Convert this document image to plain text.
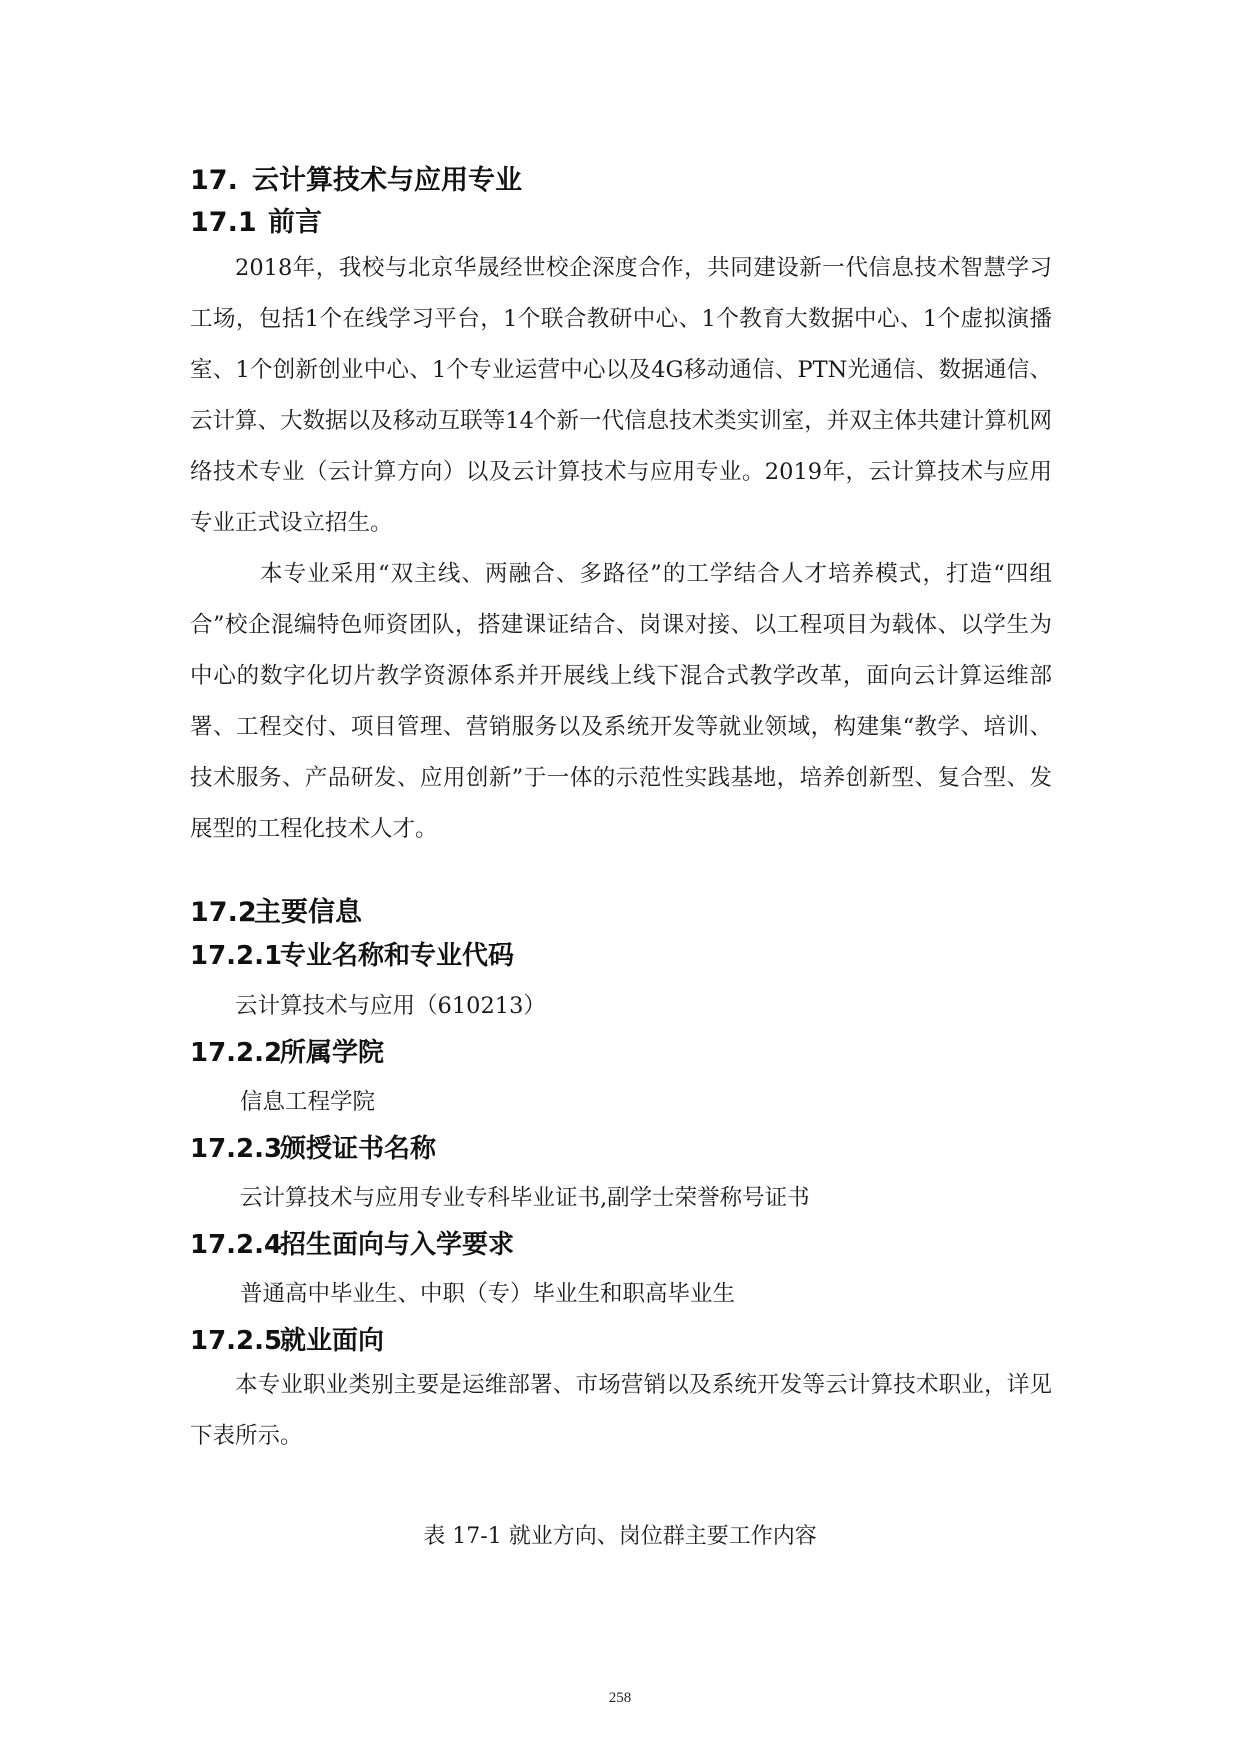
17. 云计算技术与应用专业
17.1 前言

2018年，我校与北京华晟经世校企深度合作，共同建设新一代信息技术智慧学习工场，包括1个在线学习平台，1个联合教研中心、1个教育大数据中心、1个虚拟演播室、1个创新创业中心、1个专业运营中心以及4G移动通信、PTN光通信、数据通信、云计算、大数据以及移动互联等14个新一代信息技术类实训室，并双主体共建计算机网络技术专业（云计算方向）以及云计算技术与应用专业。2019年，云计算技术与应用专业正式设立招生。

本专业采用“双主线、两融合、多路径”的工学结合人才培养模式，打造“四组合”校企混编特色师资团队，搭建课证结合、岗课对接、以工程项目为载体、以学生为中心的数字化切片教学资源体系并开展线上线下混合式教学改革，面向云计算运维部署、工程交付、项目管理、营销服务以及系统开发等就业领域，构建集“教学、培训、技术服务、产品研发、应用创新”于一体的示范性实践基地，培养创新型、复合型、发展型的工程化技术人才。

17.2主要信息
17.2.1专业名称和专业代码

云计算技术与应用（610213）

17.2.2所属学院

信息工程学院

17.2.3颁授证书名称

云计算技术与应用专业专科毕业证书,副学士荣誉称号证书

17.2.4招生面向与入学要求

普通高中毕业生、中职（专）毕业生和职高毕业生

17.2.5就业面向

本专业职业类别主要是运维部署、市场营销以及系统开发等云计算技术职业，详见下表所示。

表 17-1 就业方向、岗位群主要工作内容

258
